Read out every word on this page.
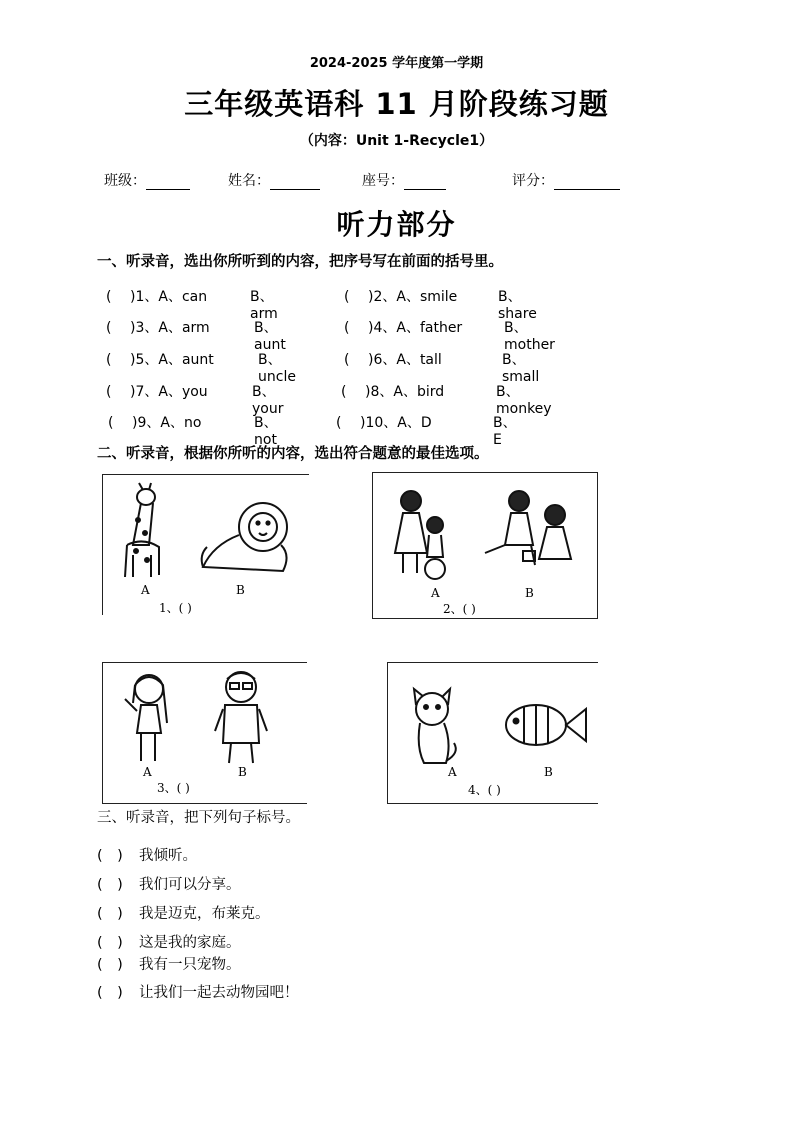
2024-2025 学年度第一学期
三年级英语科 11 月阶段练习题
（内容：Unit 1-Recycle1）
班级：	姓名：	座号：	评分：
听力部分
一、听录音，选出你所听到的内容，把序号写在前面的括号里。
( )1、A、can	B、arm
( )2、A、smile	B、share
( )3、A、arm	B、aunt
( )4、A、father	B、mother
( )5、A、aunt	B、uncle
( )6、A、tall	B、small
( )7、A、you	B、your
( )8、A、bird	B、monkey
( )9、A、no	B、not
( )10、A、D	B、E
二、听录音，根据你所听的内容，选出符合题意的最佳选项。
A	B
1、( )
A	B
2、( )
A	B
3、( )
A	B
4、( )
三、听录音，把下列句子标号。
(　) 我倾听。
(　) 我们可以分享。
(　) 我是迈克，布莱克。
(　) 这是我的家庭。
(　) 我有一只宠物。
(　) 让我们一起去动物园吧！
